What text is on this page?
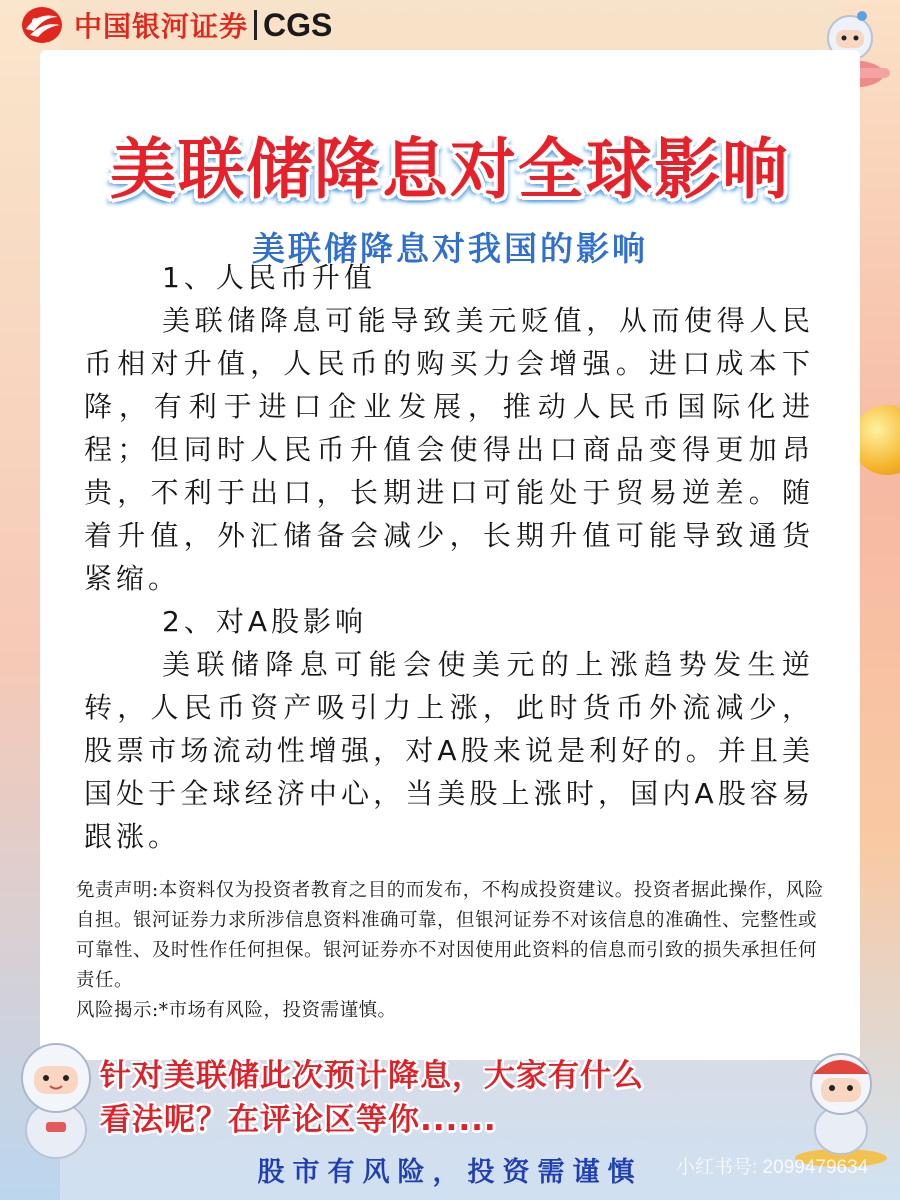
中国银河证券 CGS
美联储降息对全球影响
美联储降息对我国的影响

1、人民币升值

美联储降息可能导致美元贬值，从而使得人民币相对升值，人民币的购买力会增强。进口成本下降，有利于进口企业发展，推动人民币国际化进程；但同时人民币升值会使得出口商品变得更加昂贵，不利于出口，长期进口可能处于贸易逆差。随着升值，外汇储备会减少，长期升值可能导致通货紧缩。

2、对A股影响

美联储降息可能会使美元的上涨趋势发生逆转，人民币资产吸引力上涨，此时货币外流减少，股票市场流动性增强，对A股来说是利好的。并且美国处于全球经济中心，当美股上涨时，国内A股容易跟涨。

免责声明:本资料仅为投资者教育之目的而发布，不构成投资建议。投资者据此操作，风险自担。银河证券力求所涉信息资料准确可靠，但银河证券不对该信息的准确性、完整性或可靠性、及时性作任何担保。银河证券亦不对因使用此资料的信息而引致的损失承担任何责任。

风险揭示:*市场有风险，投资需谨慎。

针对美联储此次预计降息，大家有什么
看法呢？在评论区等你......
股市有风险，投资需谨慎	小红书号: 2099479634
